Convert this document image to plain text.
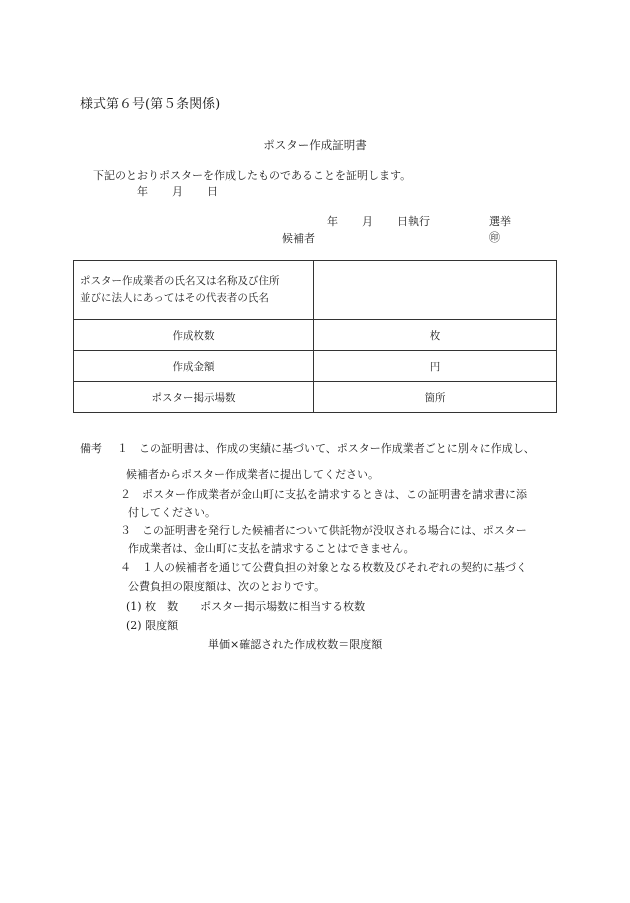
様式第６号(第５条関係)
ポスター作成証明書
下記のとおりポスターを作成したものであることを証明します。
年 月 日
年 月 日執行	選挙
候補者	㊞
ポスター作成業者の氏名又は名称及び住所
並びに法人にあってはその代表者の氏名	

作成枚数	枚
作成金額	円
ポスター掲示場数	箇所
備考 １　この証明書は、作成の実績に基づいて、ポスター作成業者ごとに別々に作成し、
候補者からポスター作成業者に提出してください。
２　ポスター作成業者が金山町に支払を請求するときは、この証明書を請求書に添
付してください。
３　この証明書を発行した候補者について供託物が没収される場合には、ポスター
作成業者は、金山町に支払を請求することはできません。
４　１人の候補者を通じて公費負担の対象となる枚数及びそれぞれの契約に基づく
公費負担の限度額は、次のとおりです。
(1) 枚　数　　ポスター掲示場数に相当する枚数
(2) 限度額
単価×確認された作成枚数＝限度額
